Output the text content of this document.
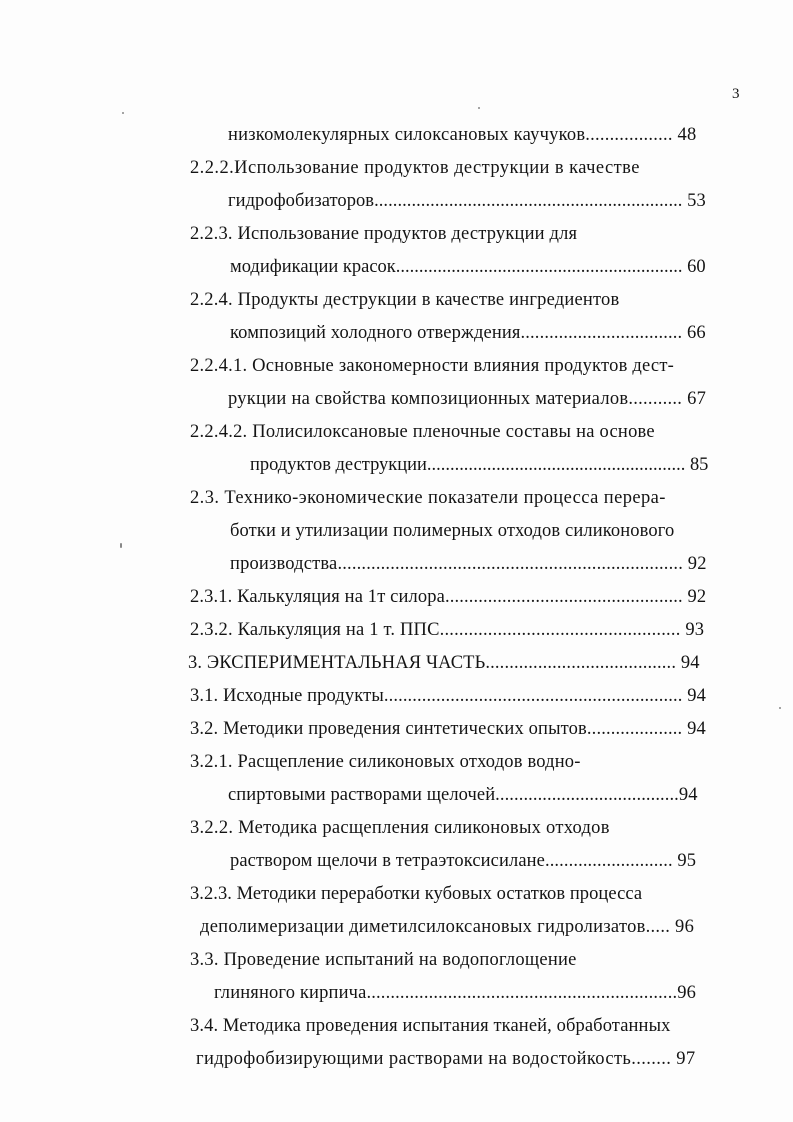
3
низкомолекулярных силоксановых каучуков.................. 48
2.2.2.Использование продуктов деструкции в качестве
гидрофобизаторов.................................................................. 53
2.2.3. Использование продуктов деструкции для
модификации красок.............................................................. 60
2.2.4. Продукты деструкции в качестве ингредиентов
композиций холодного отверждения.................................. 66
2.2.4.1. Основные закономерности влияния продуктов дест-
рукции на свойства композиционных материалов........... 67
2.2.4.2. Полисилоксановые пленочные составы на основе
продуктов деструкции........................................................ 85
2.3. Технико-экономические показатели процесса перера-
ботки и утилизации полимерных отходов силиконового
производства........................................................................ 92
2.3.1. Калькуляция на 1т силора.................................................. 92
2.3.2. Калькуляция на 1 т. ППС.................................................. 93
3. ЭКСПЕРИМЕНТАЛЬНАЯ ЧАСТЬ........................................ 94
3.1. Исходные продукты............................................................... 94
3.2. Методики проведения синтетических опытов.................... 94
3.2.1. Расщепление силиконовых отходов водно-
спиртовыми растворами щелочей.......................................94
3.2.2. Методика расщепления силиконовых отходов
раствором щелочи в тетраэтоксисилане........................... 95
3.2.3. Методики переработки кубовых остатков процесса
деполимеризации диметилсилоксановых гидролизатов..... 96
3.3. Проведение испытаний на водопоглощение
глиняного кирпича.................................................................96
3.4. Методика проведения испытания тканей, обработанных
гидрофобизирующими растворами на водостойкость........ 97
